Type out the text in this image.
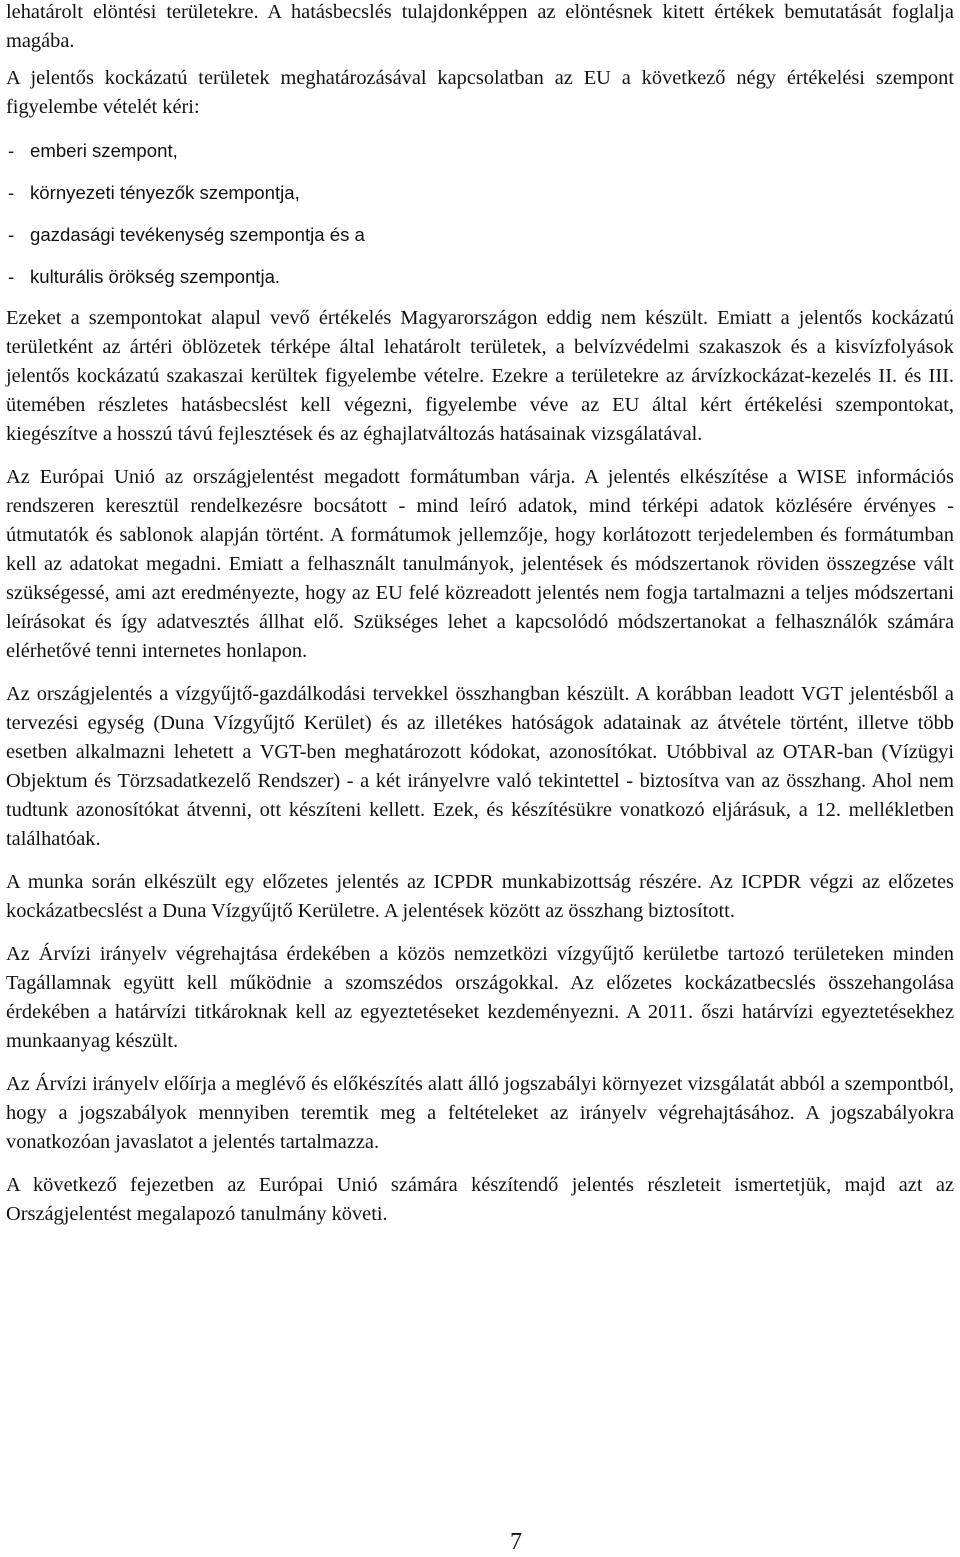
lehatárolt elöntési területekre. A hatásbecslés tulajdonképpen az elöntésnek kitett értékek bemutatását foglalja magába.

A jelentős kockázatú területek meghatározásával kapcsolatban az EU a következő négy értékelési szempont figyelembe vételét kéri:

- emberi szempont,
- környezeti tényezők szempontja,
- gazdasági tevékenység szempontja és a
- kulturális örökség szempontja.

Ezeket a szempontokat alapul vevő értékelés Magyarországon eddig nem készült. Emiatt a jelentős kockázatú területként az ártéri öblözetek térképe által lehatárolt területek, a belvízvédelmi szakaszok és a kisvízfolyások jelentős kockázatú szakaszai kerültek figyelembe vételre. Ezekre a területekre az árvízkockázat-kezelés II. és III. ütemében részletes hatásbecslést kell végezni, figyelembe véve az EU által kért értékelési szempontokat, kiegészítve a hosszú távú fejlesztések és az éghajlatváltozás hatásainak vizsgálatával.

Az Európai Unió az országjelentést megadott formátumban várja. A jelentés elkészítése a WISE információs rendszeren keresztül rendelkezésre bocsátott - mind leíró adatok, mind térképi adatok közlésére érvényes - útmutatók és sablonok alapján történt. A formátumok jellemzője, hogy korlátozott terjedelemben és formátumban kell az adatokat megadni. Emiatt a felhasznált tanulmányok, jelentések és módszertanok röviden összegzése vált szükségessé, ami azt eredményezte, hogy az EU felé közreadott jelentés nem fogja tartalmazni a teljes módszertani leírásokat és így adatvesztés állhat elő. Szükséges lehet a kapcsolódó módszertanokat a felhasználók számára elérhetővé tenni internetes honlapon.

Az országjelentés a vízgyűjtő-gazdálkodási tervekkel összhangban készült. A korábban leadott VGT jelentésből a tervezési egység (Duna Vízgyűjtő Kerület) és az illetékes hatóságok adatainak az átvétele történt, illetve több esetben alkalmazni lehetett a VGT-ben meghatározott kódokat, azonosítókat. Utóbbival az OTAR-ban (Vízügyi Objektum és Törzsadatkezelő Rendszer) - a két irányelvre való tekintettel - biztosítva van az összhang. Ahol nem tudtunk azonosítókat átvenni, ott készíteni kellett. Ezek, és készítésükre vonatkozó eljárásuk, a 12. mellékletben találhatóak.

A munka során elkészült egy előzetes jelentés az ICPDR munkabizottság részére. Az ICPDR végzi az előzetes kockázatbecslést a Duna Vízgyűjtő Kerületre. A jelentések között az összhang biztosított.

Az Árvízi irányelv végrehajtása érdekében a közös nemzetközi vízgyűjtő kerületbe tartozó területeken minden Tagállamnak együtt kell működnie a szomszédos országokkal. Az előzetes kockázatbecslés összehangolása érdekében a határvízi titkároknak kell az egyeztetéseket kezdeményezni. A 2011. őszi határvízi egyeztetésekhez munkaanyag készült.

Az Árvízi irányelv előírja a meglévő és előkészítés alatt álló jogszabályi környezet vizsgálatát abból a szempontból, hogy a jogszabályok mennyiben teremtik meg a feltételeket az irányelv végrehajtásához. A jogszabályokra vonatkozóan javaslatot a jelentés tartalmazza.

A következő fejezetben az Európai Unió számára készítendő jelentés részleteit ismertetjük, majd azt az Országjelentést megalapozó tanulmány követi.

7
